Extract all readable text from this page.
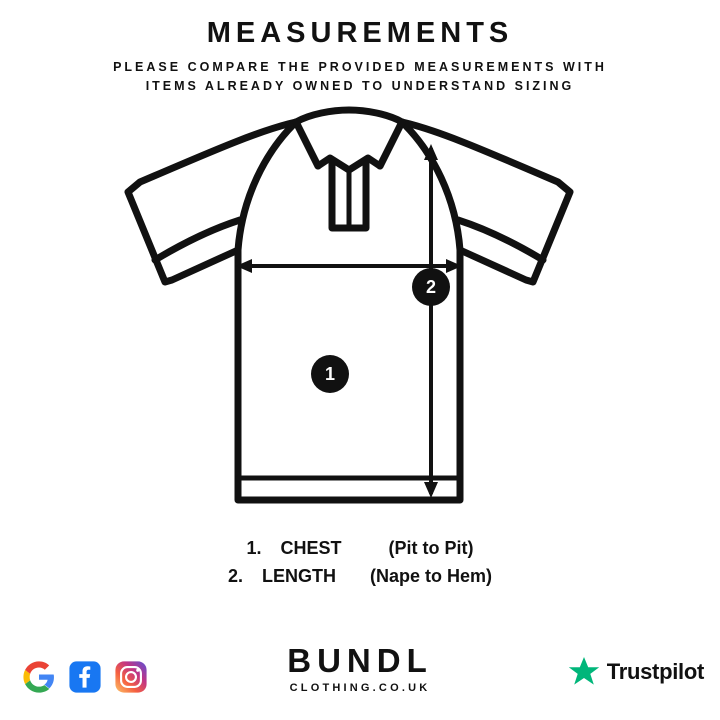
MEASUREMENTS
PLEASE COMPARE THE PROVIDED MEASUREMENTS WITH
ITEMS ALREADY OWNED TO UNDERSTAND SIZING
1
2
1. CHEST	(Pit to Pit)
2. LENGTH (Nape to Hem)
BUNDL
CLOTHING.CO.UK
Trustpilot
